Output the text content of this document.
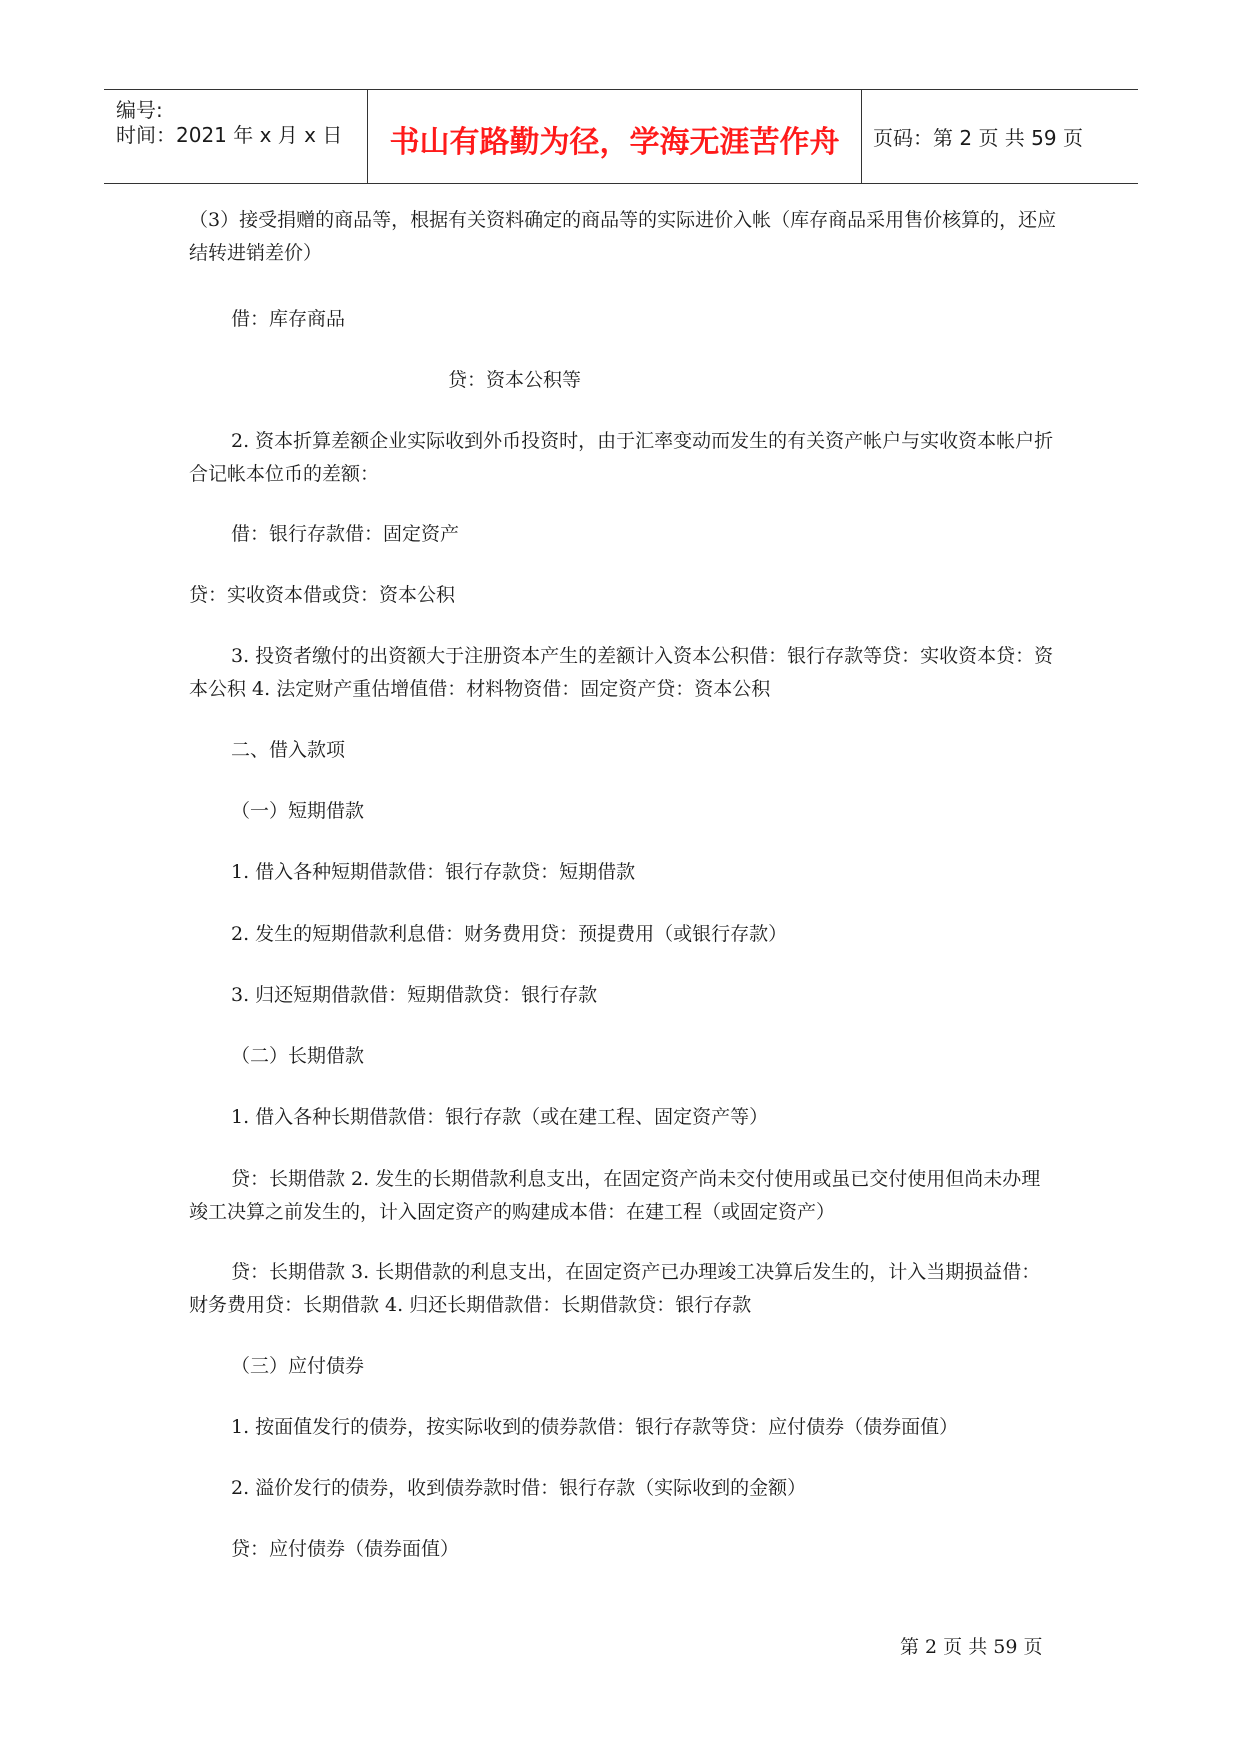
编号:
时间：2021 年 x 月 x 日	书山有路勤为径，学海无涯苦作舟	页码：第 2 页 共 59 页

（3）接受捐赠的商品等，根据有关资料确定的商品等的实际进价入帐（库存商品采用售价核算的，还应结转进销差价）

借：库存商品

贷：资本公积等

2. 资本折算差额企业实际收到外币投资时，由于汇率变动而发生的有关资产帐户与实收资本帐户折合记帐本位币的差额：

借：银行存款借：固定资产

贷：实收资本借或贷：资本公积

3. 投资者缴付的出资额大于注册资本产生的差额计入资本公积借：银行存款等贷：实收资本贷：资本公积 4. 法定财产重估增值借：材料物资借：固定资产贷：资本公积

二、借入款项

（一）短期借款

1. 借入各种短期借款借：银行存款贷：短期借款

2. 发生的短期借款利息借：财务费用贷：预提费用（或银行存款）

3. 归还短期借款借：短期借款贷：银行存款

（二）长期借款

1. 借入各种长期借款借：银行存款（或在建工程、固定资产等）

贷：长期借款 2. 发生的长期借款利息支出，在固定资产尚未交付使用或虽已交付使用但尚未办理竣工决算之前发生的，计入固定资产的购建成本借：在建工程（或固定资产）

贷：长期借款 3. 长期借款的利息支出，在固定资产已办理竣工决算后发生的，计入当期损益借：财务费用贷：长期借款 4. 归还长期借款借：长期借款贷：银行存款

（三）应付债券

1. 按面值发行的债券，按实际收到的债券款借：银行存款等贷：应付债券（债券面值）

2. 溢价发行的债券，收到债券款时借：银行存款（实际收到的金额）

贷：应付债券（债券面值）

第 2 页 共 59 页
